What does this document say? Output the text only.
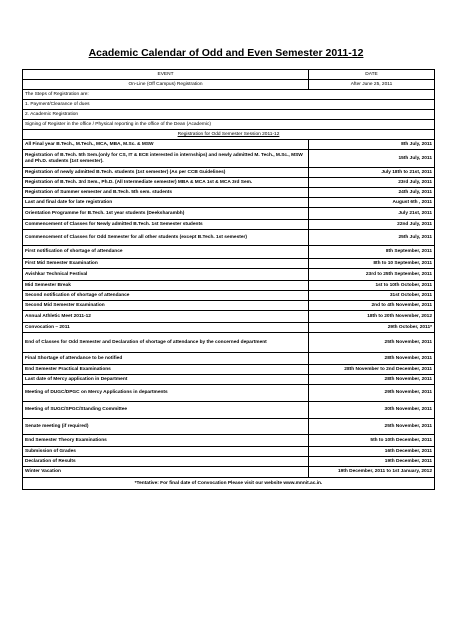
Academic Calendar of Odd and Even Semester 2011-12
EVENT	DATE
On-Line (Off Campus) Registration	After June 25, 2011
The Steps of Registration are:	
1. Payment/Clearance of dues	
2. Academic Registration	
Signing of Register in the office / Physical reporting in the office of the Dean (Academic)	
Registration for Odd Semester Session 2011-12	
All Final year B.Tech., M.Tech., MCA, MBA, M.Sc. & MSW	8th July, 2011
Registration of B.Tech. 5th Sem.(only for CS, IT & ECE interested in internships) and newly admitted M. Tech., M.Sc., MSW and Ph.D. students (1st semester).	15th July, 2011
Registration of newly admitted B.Tech. students (1st semester) (As per CCB Guidelines)	July 18th to 21st, 2011
Registration of B.Tech. 3rd Sem., Ph.D. (All Intermediate semester) MBA & MCA 1st & MCA 3rd Sem.	23rd July, 2011
Registration of Summer semester and B.Tech. 5th sem. students	24th July, 2011
Last and final date for late registration	August 6th , 2011
Orientation Programme for B.Tech. 1st year students (Deeksharambh)	July 21st, 2011
Commencement of Classes for Newly admitted B.Tech. 1st Semester students	22nd July, 2011
Commencement of Classes for Odd Semester for all other students (except B.Tech. 1st semester)	25th July, 2011
First notification of shortage of attendance	8th September, 2011
First Mid Semester Examination	8th to 10 September, 2011
Avishkar Technical Festival	23rd to 25th September, 2011
Mid Semester Break	1st to 10th October, 2011
Second notification of shortage of attendance	31st October, 2011
Second Mid Semester Examination	2nd to 4th November, 2011
Annual Athletic Meet 2011-12	18th to 20th November, 2012
Convocation – 2011	29th October, 2011*
End of Classes for Odd Semester and Declaration of shortage of attendance by the concerned department	25th November, 2011
Final Shortage of attendance to be notified	28th November, 2011
End Semester Practical Examinations	28th November to 2nd December, 2011
Last date of Mercy application in Department	28th November, 2011
Meeting of DUGC/DPGC on Mercy Applications in departments	29th November, 2011
Meeting of SUGC/SPGC/Standing Committee	30th November, 2011
Senate meeting (if required)	25th November, 2011
End Semester Theory Examinations	5th to 10th December, 2011
Submission of Grades	16th December, 2011
Declaration of Results	19th December, 2011
Winter Vacation	19th December, 2011 to 1st January, 2012
*Tentative: For final date of Convocation Please visit our website www.mnnit.ac.in.	
